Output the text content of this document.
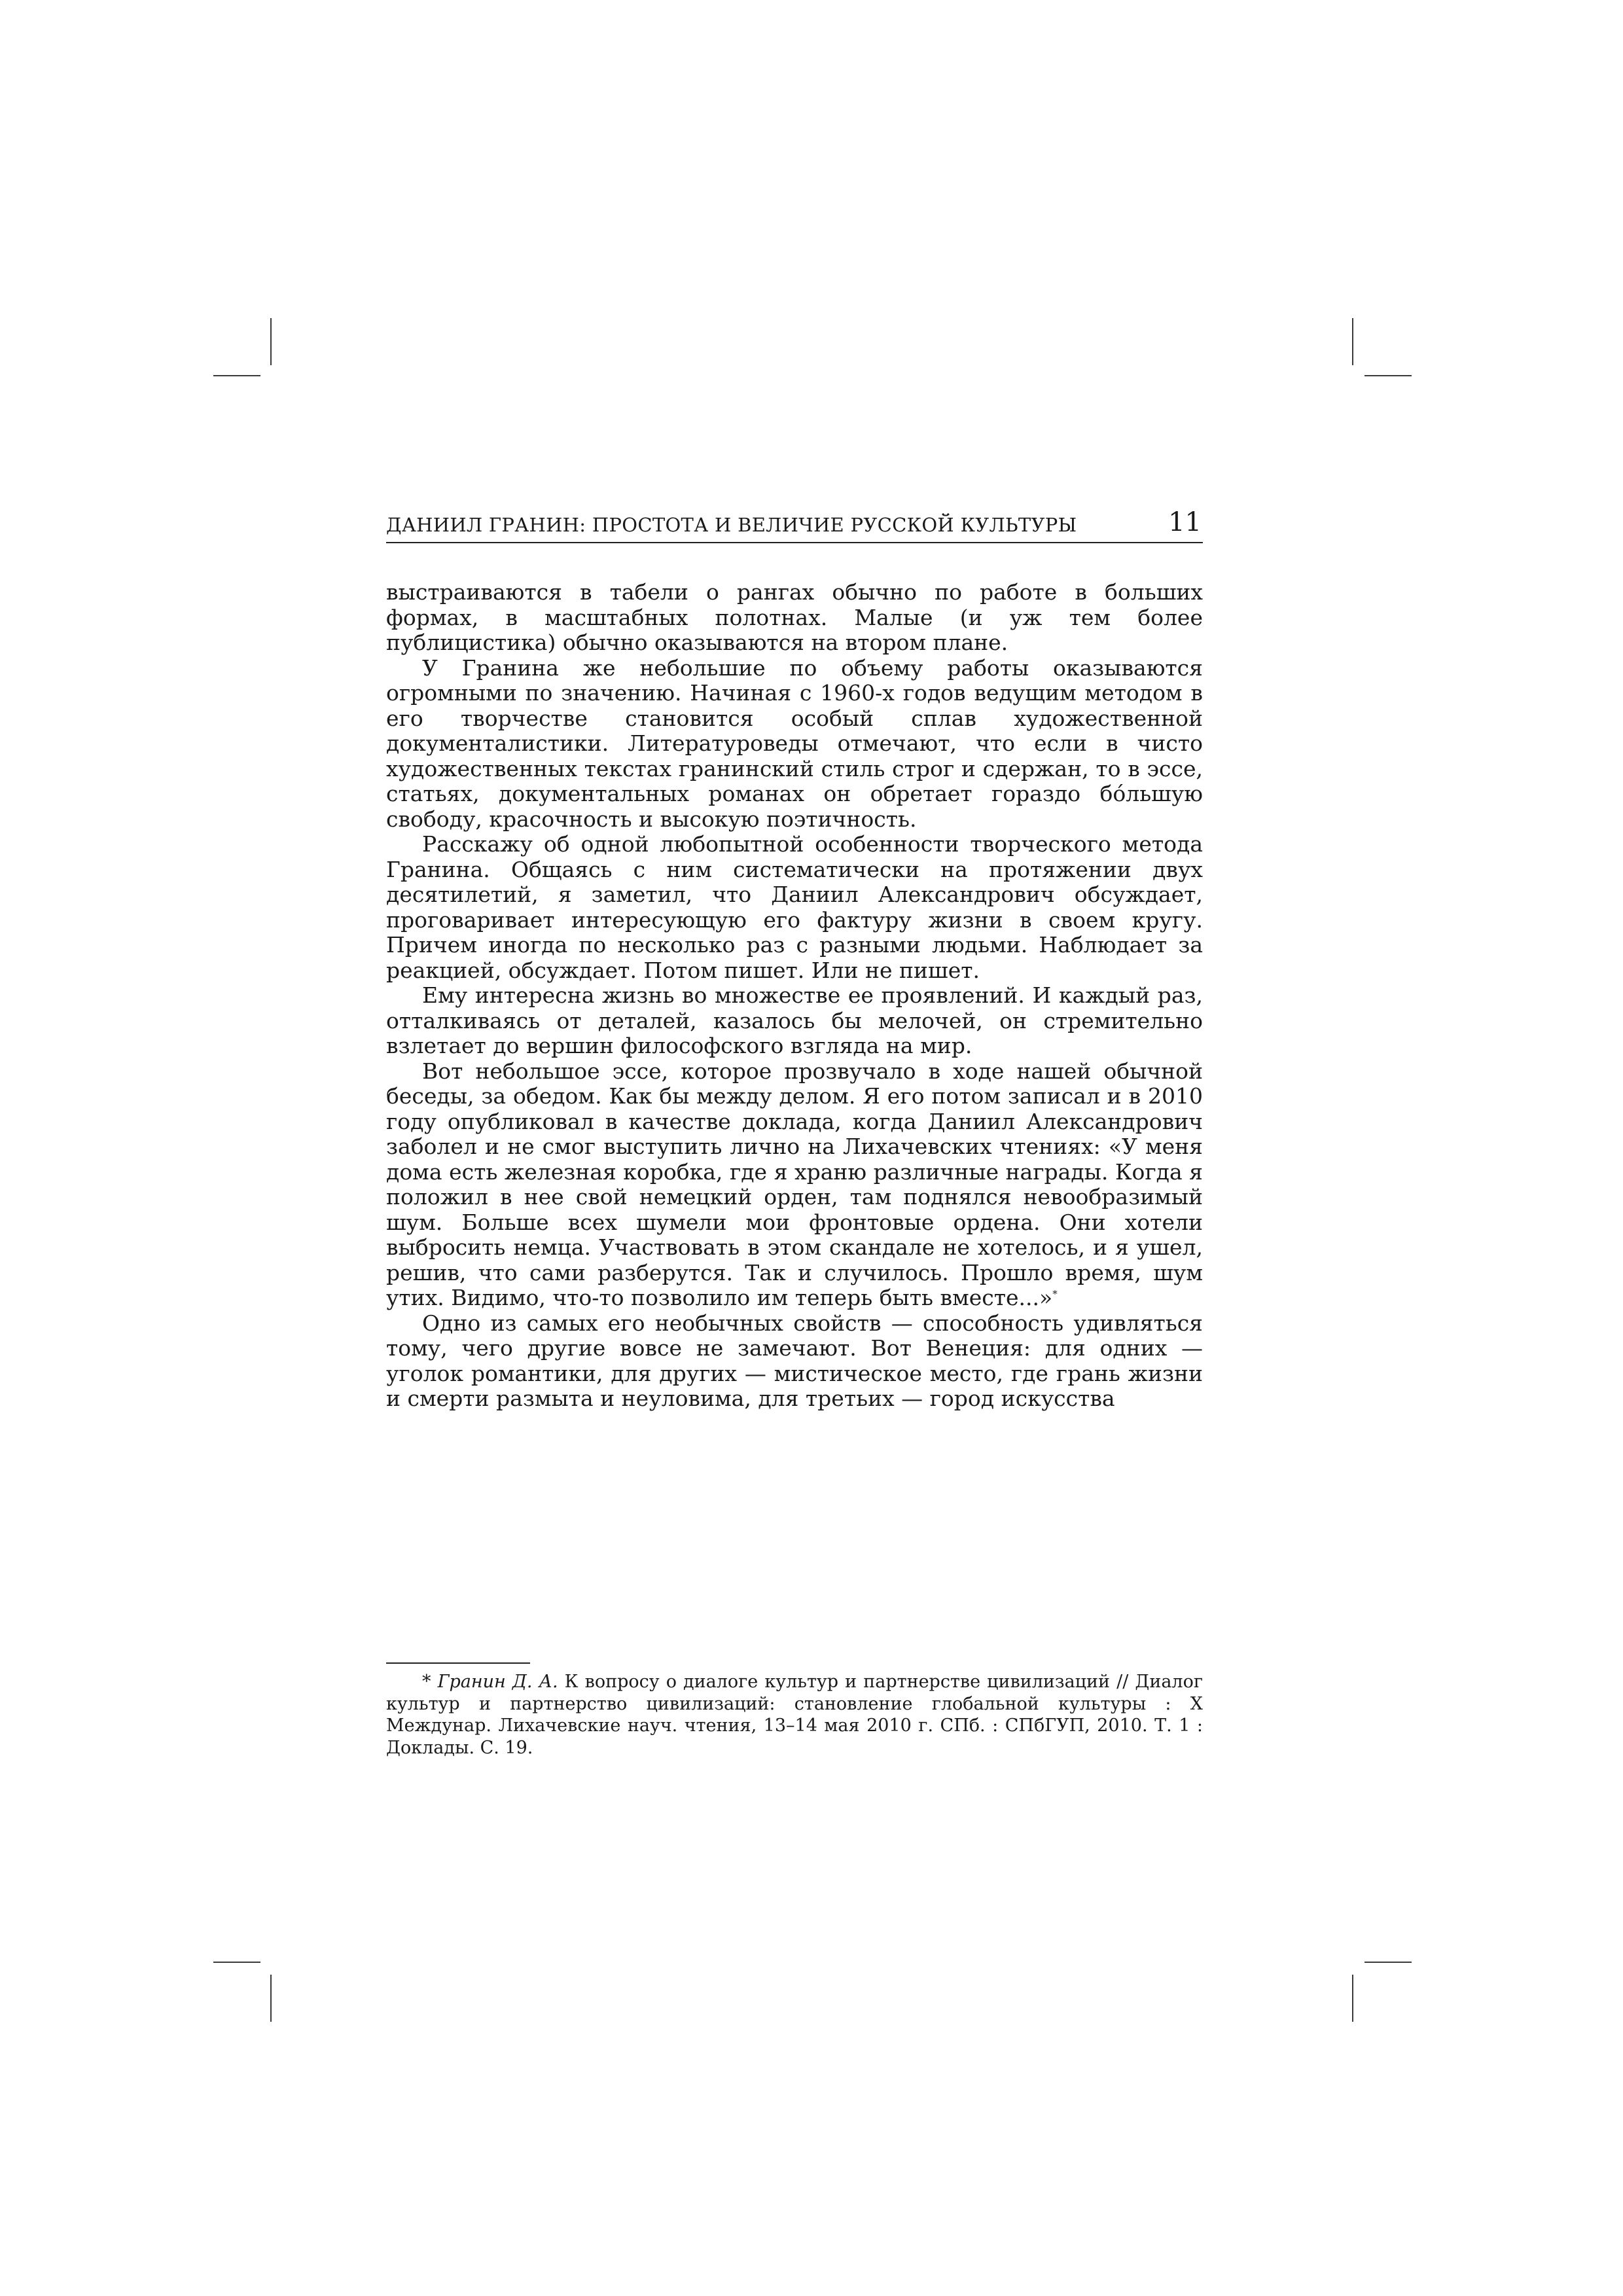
ДАНИИЛ ГРАНИН: ПРОСТОТА И ВЕЛИЧИЕ РУССКОЙ КУЛЬТУРЫ	11

выстраиваются в табели о рангах обычно по работе в больших формах, в масштабных полотнах. Малые (и уж тем более публицистика) обычно оказываются на втором плане.

У Гранина же небольшие по объему работы оказываются огромными по значению. Начиная с 1960-х годов ведущим методом в его творчестве становится особый сплав художественной документалистики. Литературоведы отмечают, что если в чисто художественных текстах гранинский стиль строг и сдержан, то в эссе, статьях, документальных романах он обретает гораздо бо́льшую свободу, красочность и высокую поэтичность.

Расскажу об одной любопытной особенности творческого метода Гранина. Общаясь с ним систематически на протяжении двух десятилетий, я заметил, что Даниил Александрович обсуждает, проговаривает интересующую его фактуру жизни в своем кругу. Причем иногда по несколько раз с разными людьми. Наблюдает за реакцией, обсуждает. Потом пишет. Или не пишет.

Ему интересна жизнь во множестве ее проявлений. И каждый раз, отталкиваясь от деталей, казалось бы мелочей, он стремительно взлетает до вершин философского взгляда на мир.

Вот небольшое эссе, которое прозвучало в ходе нашей обычной беседы, за обедом. Как бы между делом. Я его потом записал и в 2010 году опубликовал в качестве доклада, когда Даниил Александрович заболел и не смог выступить лично на Лихачевских чтениях: «У меня дома есть железная коробка, где я храню различные награды. Когда я положил в нее свой немецкий орден, там поднялся невообразимый шум. Больше всех шумели мои фронтовые ордена. Они хотели выбросить немца. Участвовать в этом скандале не хотелось, и я ушел, решив, что сами разберутся. Так и случилось. Прошло время, шум утих. Видимо, что-то позволило им теперь быть вместе...»*

Одно из самых его необычных свойств — способность удивляться тому, чего другие вовсе не замечают. Вот Венеция: для одних — уголок романтики, для других — мистическое место, где грань жизни и смерти размыта и неуловима, для третьих — город искусства

* Гранин Д. А. К вопросу о диалоге культур и партнерстве цивилизаций // Диалог культур и партнерство цивилизаций: становление глобальной культуры : X Междунар. Лихачевские науч. чтения, 13–14 мая 2010 г. СПб. : СПбГУП, 2010. Т. 1 : Доклады. С. 19.
